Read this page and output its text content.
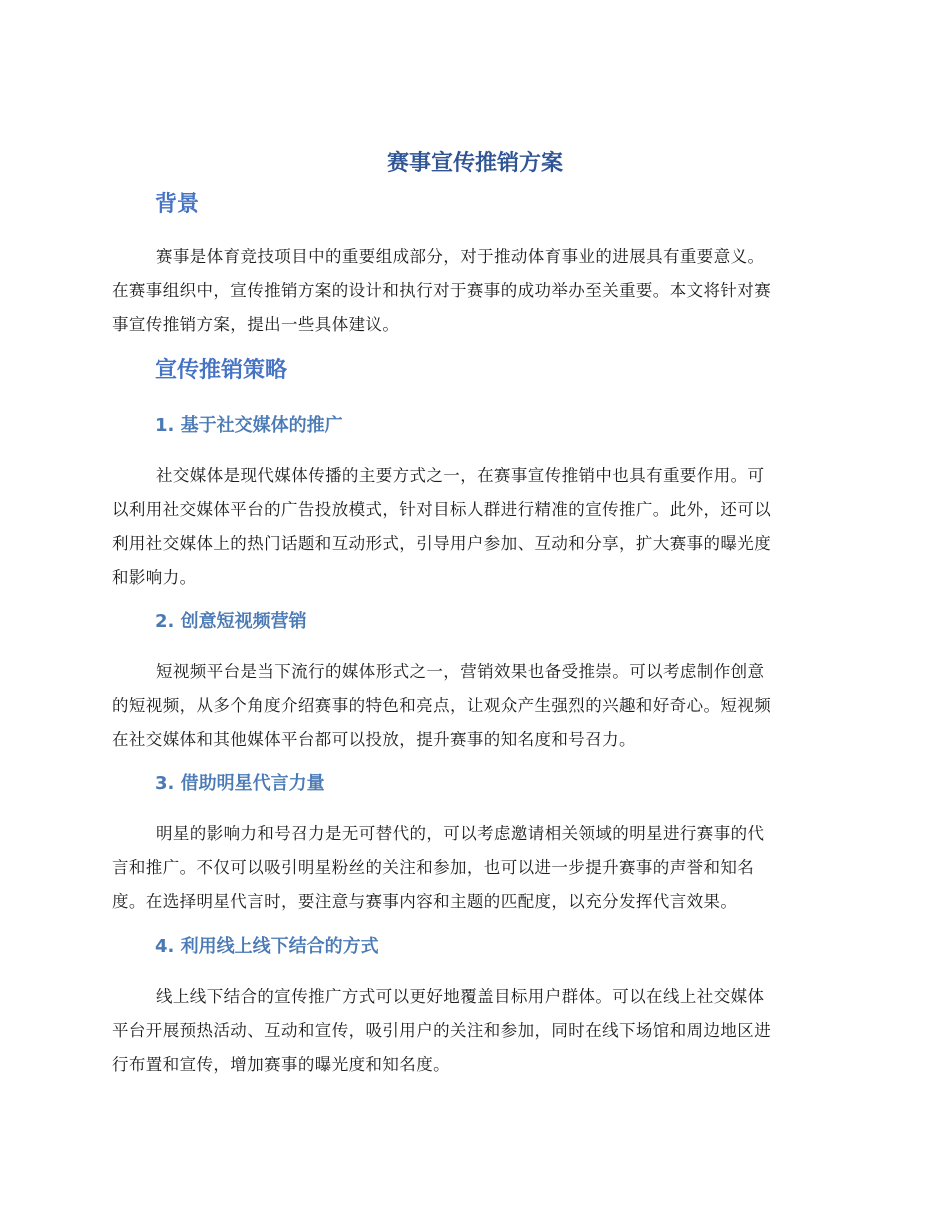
赛事宣传推销方案
背景
赛事是体育竞技项目中的重要组成部分，对于推动体育事业的进展具有重要意义。
在赛事组织中，宣传推销方案的设计和执行对于赛事的成功举办至关重要。本文将针对赛
事宣传推销方案，提出一些具体建议。
宣传推销策略
1. 基于社交媒体的推广
社交媒体是现代媒体传播的主要方式之一，在赛事宣传推销中也具有重要作用。可
以利用社交媒体平台的广告投放模式，针对目标人群进行精准的宣传推广。此外，还可以
利用社交媒体上的热门话题和互动形式，引导用户参加、互动和分享，扩大赛事的曝光度
和影响力。
2. 创意短视频营销
短视频平台是当下流行的媒体形式之一，营销效果也备受推崇。可以考虑制作创意
的短视频，从多个角度介绍赛事的特色和亮点，让观众产生强烈的兴趣和好奇心。短视频
在社交媒体和其他媒体平台都可以投放，提升赛事的知名度和号召力。
3. 借助明星代言力量
明星的影响力和号召力是无可替代的，可以考虑邀请相关领域的明星进行赛事的代
言和推广。不仅可以吸引明星粉丝的关注和参加，也可以进一步提升赛事的声誉和知名
度。在选择明星代言时，要注意与赛事内容和主题的匹配度，以充分发挥代言效果。
4. 利用线上线下结合的方式
线上线下结合的宣传推广方式可以更好地覆盖目标用户群体。可以在线上社交媒体
平台开展预热活动、互动和宣传，吸引用户的关注和参加，同时在线下场馆和周边地区进
行布置和宣传，增加赛事的曝光度和知名度。
